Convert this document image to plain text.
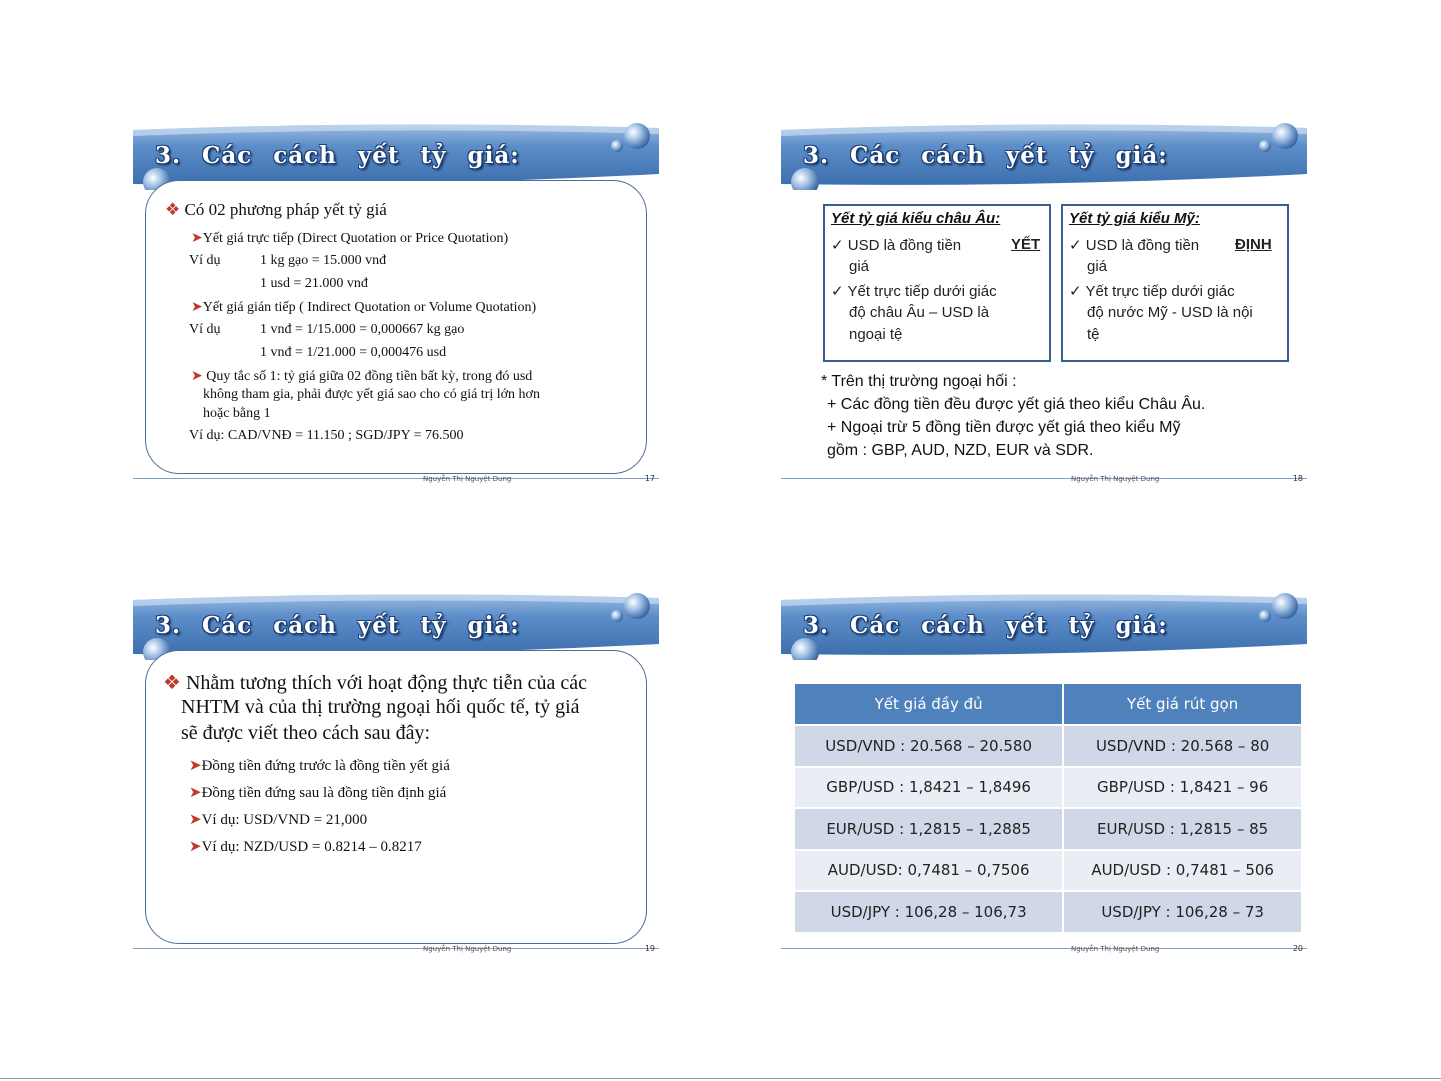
3. Các cách yết tỷ giá:
❖ Có 02 phương pháp yết tỷ giá
➤Yết giá trực tiếp (Direct Quotation or Price Quotation)
Ví dụ	1 kg gạo = 15.000 vnđ
1 usd = 21.000 vnđ
➤Yết giá gián tiếp ( Indirect Quotation or Volume Quotation)
Ví dụ	1 vnđ = 1/15.000 = 0,000667 kg gạo
1 vnđ = 1/21.000 = 0,000476 usd
➤ Quy tắc số 1: tỷ giá giữa 02 đồng tiền bất kỳ, trong đó usd
không tham gia, phải được yết giá sao cho có giá trị lớn hơn
hoặc bằng 1
Ví dụ: CAD/VNĐ = 11.150 ; SGD/JPY = 76.500
Nguyễn Thị Nguyệt Dung	17
3. Các cách yết tỷ giá:
Yết tỷ giá kiểu châu Âu:
✓ USD là đồng tiền	YẾT
giá
✓ Yết trực tiếp dưới giác
độ châu Âu – USD là
ngoại tệ
Yết tỷ giá kiểu Mỹ:
✓ USD là đồng tiền ĐỊNH
giá
✓ Yết trực tiếp dưới giác
độ nước Mỹ - USD là nội
tệ
* Trên thị trường ngoại hối :
+ Các đồng tiền đều được yết giá theo kiểu Châu Âu.
+ Ngoại trừ 5 đồng tiền được yết giá theo kiểu Mỹ
gồm : GBP, AUD, NZD, EUR và SDR.
Nguyễn Thị Nguyệt Dung	18
3. Các cách yết tỷ giá:
❖ Nhằm tương thích với hoạt động thực tiễn của các
NHTM và của thị trường ngoại hối quốc tế, tỷ giá
sẽ được viết theo cách sau đây:
➤Đồng tiền đứng trước là đồng tiền yết giá
➤Đồng tiền đứng sau là đồng tiền định giá
➤Ví dụ: USD/VND = 21,000
➤Ví dụ: NZD/USD = 0.8214 – 0.8217
Nguyễn Thị Nguyệt Dung	19
3. Các cách yết tỷ giá:
Yết giá đầy đủ	Yết giá rút gọn
USD/VND : 20.568 – 20.580	USD/VND : 20.568 – 80
GBP/USD : 1,8421 – 1,8496	GBP/USD : 1,8421 – 96
EUR/USD : 1,2815 – 1,2885	EUR/USD : 1,2815 – 85
AUD/USD: 0,7481 – 0,7506	AUD/USD : 0,7481 – 506
USD/JPY : 106,28 – 106,73	USD/JPY : 106,28 – 73
Nguyễn Thị Nguyệt Dung	20
